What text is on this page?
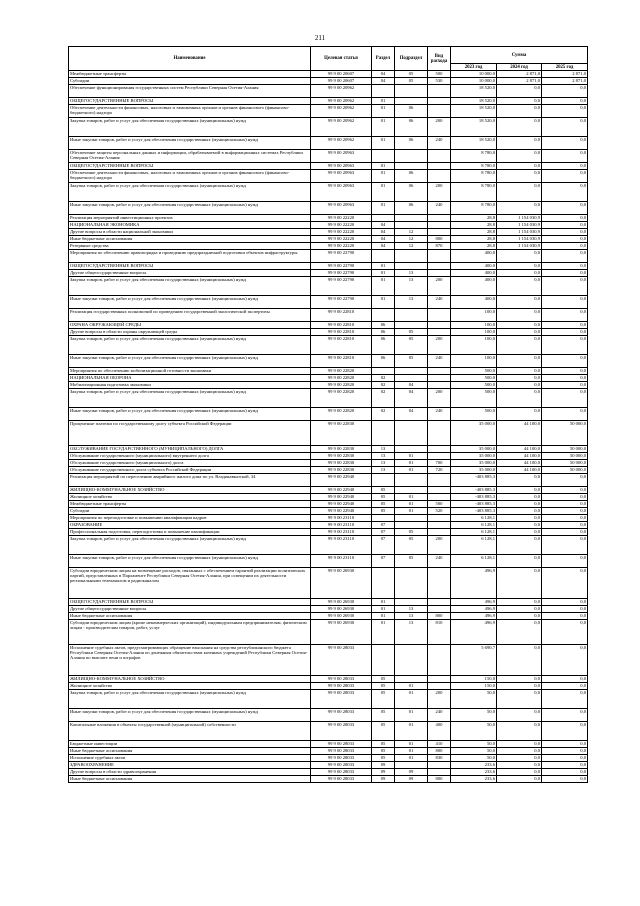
211
Наименование	Целевая статья	Раздел	Подраздел	Вид расхода	Сумма		
					2023 год	2024 год	2025 год
Межбюджетные трансферты	99 9 00 20607	04	05	500	10 000,0	2 871,0	2 871,0
Субсидии	99 9 00 20607	04	05	530	10 000,0	2 871,0	2 871,0
Обеспечение функционирования государственных систем Республики Северная Осетия-Алания	99 9 00 20962				18 520,0	0,0	0,0
ОБЩЕГОСУДАРСТВЕННЫЕ ВОПРОСЫ	99 9 00 20962	01			18 520,0	0,0	0,0
Обеспечение деятельности финансовых, налоговых и таможенных органов и органов финансового (финансово-бюджетного) надзора	99 9 00 20962	01	06		18 520,0	0,0	0,0
Закупка товаров, работ и услуг для обеспечения государственных (муниципальных) нужд	99 9 00 20962	01	06	200	18 520,0	0,0	0,0
Иные закупки товаров, работ и услуг для обеспечения государственных (муниципальных) нужд	99 9 00 20962	01	06	240	18 520,0	0,0	0,0
Обеспечение защиты персональных данных и информации, обрабатываемой в информационных системах Республики Северная Осетия-Алания	99 9 00 20963				8 780,0	0,0	0,0
ОБЩЕГОСУДАРСТВЕННЫЕ ВОПРОСЫ	99 9 00 20963	01			8 780,0	0,0	0,0
Обеспечение деятельности финансовых, налоговых и таможенных органов и органов финансового (финансово-бюджетного) надзора	99 9 00 20963	01	06		8 780,0	0,0	0,0
Закупка товаров, работ и услуг для обеспечения государственных (муниципальных) нужд	99 9 00 20963	01	06	200	8 780,0	0,0	0,0
Иные закупки товаров, работ и услуг для обеспечения государственных (муниципальных) нужд	99 9 00 20963	01	06	240	8 780,0	0,0	0,0
Реализация мероприятий инвестиционных проектов	99 9 00 22220				28,8	1 154 030,9	0,0
НАЦИОНАЛЬНАЯ ЭКОНОМИКА	99 9 00 22220	04			28,8	1 154 030,9	0,0
Другие вопросы в области национальной экономики	99 9 00 22220	04	12		28,8	1 154 030,9	0,0
Иные бюджетные ассигнования	99 9 00 22220	04	12	800	28,8	1 154 030,9	0,0
Резервные средства	99 9 00 22220	04	12	870	28,8	1 154 030,9	0,0
Мероприятия по обеспечению правопорядка и проведению предпраздничной подготовки объектов инфраструктуры	99 9 00 22790				400,0	0,0	0,0
ОБЩЕГОСУДАРСТВЕННЫЕ ВОПРОСЫ	99 9 00 22790	01			400,0	0,0	0,0
Другие общегосударственные вопросы	99 9 00 22790	01	13		400,0	0,0	0,0
Закупка товаров, работ и услуг для обеспечения государственных (муниципальных) нужд	99 9 00 22790	01	13	200	400,0	0,0	0,0
Иные закупки товаров, работ и услуг для обеспечения государственных (муниципальных) нужд	99 9 00 22790	01	13	240	400,0	0,0	0,0
Реализация государственных полномочий по проведению государственной экологической экспертизы	99 9 00 22810				100,0	0,0	0,0
ОХРАНА ОКРУЖАЮЩЕЙ СРЕДЫ	99 9 00 22810	06			100,0	0,0	0,0
Другие вопросы в области охраны окружающей среды	99 9 00 22810	06	05		100,0	0,0	0,0
Закупка товаров, работ и услуг для обеспечения государственных (муниципальных) нужд	99 9 00 22810	06	05	200	100,0	0,0	0,0
Иные закупки товаров, работ и услуг для обеспечения государственных (муниципальных) нужд	99 9 00 22810	06	05	240	100,0	0,0	0,0
Мероприятия по обеспечению мобилизационной готовности экономики	99 9 00 22820				500,0	0,0	0,0
НАЦИОНАЛЬНАЯ ОБОРОНА	99 9 00 22820	02			500,0	0,0	0,0
Мобилизационная подготовка экономики	99 9 00 22820	02	04		500,0	0,0	0,0
Закупка товаров, работ и услуг для обеспечения государственных (муниципальных) нужд	99 9 00 22820	02	04	200	500,0	0,0	0,0
Иные закупки товаров, работ и услуг для обеспечения государственных (муниципальных) нужд	99 9 00 22820	02	04	240	500,0	0,0	0,0
Процентные платежи по государственному долгу субъекта Российской Федерации	99 9 00 22830				35 000,0	44 100,0	50 000,0
ОБСЛУЖИВАНИЕ ГОСУДАРСТВЕННОГО (МУНИЦИПАЛЬНОГО) ДОЛГА	99 9 00 22830	13			35 000,0	44 100,0	50 000,0
Обслуживание государственного (муниципального) внутреннего долга	99 9 00 22830	13	01		35 000,0	44 100,0	50 000,0
Обслуживание государственного (муниципального) долга	99 9 00 22830	13	01	700	35 000,0	44 100,0	50 000,0
Обслуживание государственного долга субъекта Российской Федерации	99 9 00 22830	13	01	720	35 000,0	44 100,0	50 000,0
Реализация мероприятий по переселению аварийного жилого дома по ул. Владикавказской, 34	99 9 00 22940				-403 885,3	0,0	0,0
ЖИЛИЩНО-КОММУНАЛЬНОЕ ХОЗЯЙСТВО	99 9 00 22940	05			-403 885,3	0,0	0,0
Жилищное хозяйство	99 9 00 22940	05	01		-403 885,3	0,0	0,0
Межбюджетные трансферты	99 9 00 22940	05	01	500	-403 885,3	0,0	0,0
Субсидии	99 9 00 22940	05	01	520	-403 885,3	0,0	0,0
Мероприятия по переподготовке и повышению квалификации кадров	99 9 00 23110				6 128,1	0,0	0,0
ОБРАЗОВАНИЕ	99 9 00 23110	07			6 128,1	0,0	0,0
Профессиональная подготовка, переподготовка и повышение квалификации	99 9 00 23110	07	05		6 128,1	0,0	0,0
Закупка товаров, работ и услуг для обеспечения государственных (муниципальных) нужд	99 9 00 23110	07	05	200	6 128,1	0,0	0,0
Иные закупки товаров, работ и услуг для обеспечения государственных (муниципальных) нужд	99 9 00 23110	07	05	240	6 128,1	0,0	0,0
Субсидии юридическим лицам на возмещение расходов, связанных с обеспечением гарантий реализации политических партий, представленных в Парламенте Республики Северная Осетия-Алания, при освещении их деятельности региональными телеканалом и радиоканалом	99 9 00 26930				496,9	0,0	0,0
ОБЩЕГОСУДАРСТВЕННЫЕ ВОПРОСЫ	99 9 00 26930	01			496,9	0,0	0,0
Другие общегосударственные вопросы	99 9 00 26930	01	13		496,9	0,0	0,0
Иные бюджетные ассигнования	99 9 00 26930	01	13	800	496,9	0,0	0,0
Субсидии юридическим лицам (кроме некоммерческих организаций), индивидуальным предпринимателям, физическим лицам - производителям товаров, работ, услуг	99 9 00 26930	01	13	810	496,9	0,0	0,0
Исполнение судебных актов, предусматривающих обращение взыскания на средства республиканского бюджета Республики Северная Осетия-Алания по денежным обязательствам казенных учреждений Республики Северная Осетия-Алания по выплате пени и штрафов	99 9 00 28033				5 690,7	0,0	0,0
ЖИЛИЩНО-КОММУНАЛЬНОЕ ХОЗЯЙСТВО	99 9 00 28033	05			150,0	0,0	0,0
Жилищное хозяйство	99 9 00 28033	05	01		150,0	0,0	0,0
Закупка товаров, работ и услуг для обеспечения государственных (муниципальных) нужд	99 9 00 28033	05	01	200	50,0	0,0	0,0
Иные закупки товаров, работ и услуг для обеспечения государственных (муниципальных) нужд	99 9 00 28033	05	01	240	50,0	0,0	0,0
Капитальные вложения в объекты государственной (муниципальной) собственности	99 9 00 28033	05	01	400	50,0	0,0	0,0
Бюджетные инвестиции	99 9 00 28033	05	01	410	50,0	0,0	0,0
Иные бюджетные ассигнования	99 9 00 28033	05	01	800	50,0	0,0	0,0
Исполнение судебных актов	99 9 00 28033	05	01	830	50,0	0,0	0,0
ЗДРАВООХРАНЕНИЕ	99 9 00 28033	09			233,6	0,0	0,0
Другие вопросы в области здравоохранения	99 9 00 28033	09	09		233,6	0,0	0,0
Иные бюджетные ассигнования	99 9 00 28033	09	09	800	233,6	0,0	0,0
